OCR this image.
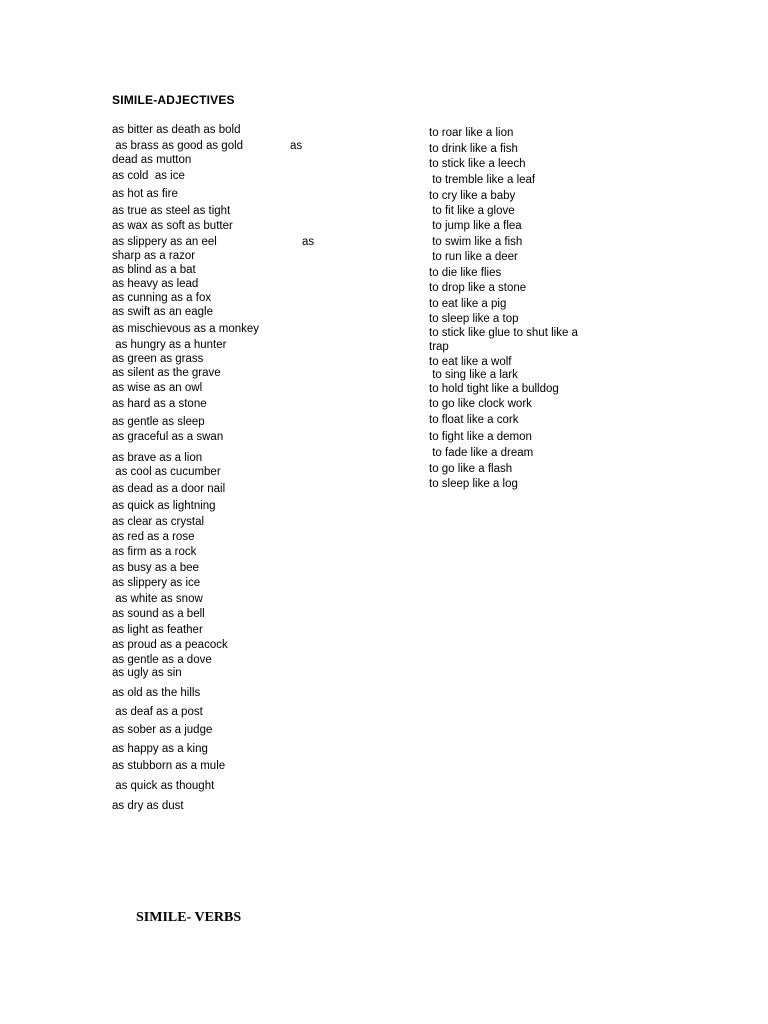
SIMILE-ADJECTIVES
as bitter as death as bold
as brass as good as gold	as
dead as mutton
as cold  as ice
as hot as fire
as true as steel as tight
as wax as soft as butter
as slippery as an eel	as
sharp as a razor
as blind as a bat
as heavy as lead
as cunning as a fox
as swift as an eagle
as mischievous as a monkey
as hungry as a hunter
as green as grass
as silent as the grave
as wise as an owl
as hard as a stone
as gentle as sleep
as graceful as a swan
as brave as a lion
as cool as cucumber
as dead as a door nail
as quick as lightning
as clear as crystal
as red as a rose
as firm as a rock
as busy as a bee
as slippery as ice
as white as snow
as sound as a bell
as light as feather
as proud as a peacock
as gentle as a dove
as ugly as sin
as old as the hills
as deaf as a post
as sober as a judge
as happy as a king
as stubborn as a mule
as quick as thought
as dry as dust
to roar like a lion
to drink like a fish
to stick like a leech
to tremble like a leaf
to cry like a baby
to fit like a glove
to jump like a flea
to swim like a fish
to run like a deer
to die like flies
to drop like a stone
to eat like a pig
to sleep like a top
to stick like glue to shut like a
trap
to eat like a wolf
to sing like a lark
to hold tight like a bulldog
to go like clock work
to float like a cork
to fight like a demon
to fade like a dream
to go like a flash
to sleep like a log
SIMILE- VERBS
